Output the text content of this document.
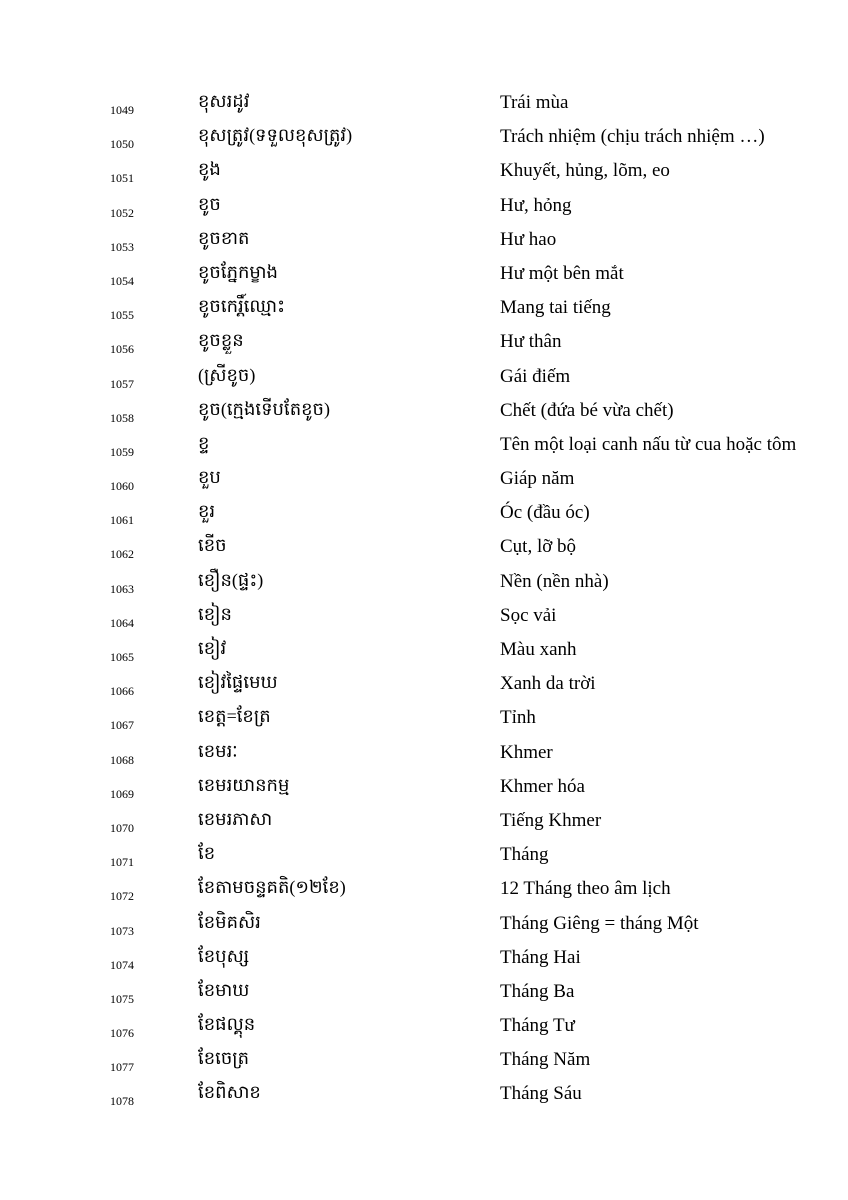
1049	ខុសរដូវ	Trái mùa
1050	ខុសត្រូវ(ទទួលខុសត្រូវ)	Trách nhiệm (chịu trách nhiệm …)
1051	ខូង	Khuyết, hủng, lõm, eo
1052	ខូច	Hư, hỏng
1053	ខូចខាត	Hư hao
1054	ខូចភ្នែកម្ខាង	Hư một bên mắt
1055	ខូចកេរ្តិ៍ឈ្មោះ	Mang tai tiếng
1056	ខូចខ្លួន	Hư thân
1057	(ស្រីខូច)	Gái điếm
1058	ខូច(ក្មេងទើបតែខូច)	Chết (đứa bé vừa chết)
1059	ខ្ទ	Tên một loại canh nấu từ cua hoặc tôm
1060	ខួប	Giáp năm
1061	ខួរ	Óc (đầu óc)
1062	ខើច	Cụt, lỡ bộ
1063	ខឿន(ផ្ទះ)	Nền (nền nhà)
1064	ខៀន	Sọc vải
1065	ខៀវ	Màu xanh
1066	ខៀវផ្ទៃមេឃ	Xanh da trời
1067	ខេត្ត=ខែត្រ	Tỉnh
1068	ខេមរៈ	Khmer
1069	ខេមរយានកម្ម	Khmer hóa
1070	ខេមរភាសា	Tiếng Khmer
1071	ខែ	Tháng
1072	ខែតាមចន្ទគតិ(១២ខែ)	12 Tháng theo âm lịch
1073	ខែមិគសិរ	Tháng Giêng = tháng Một
1074	ខែបុស្ស	Tháng Hai
1075	ខែមាឃ	Tháng Ba
1076	ខែផល្គុន	Tháng Tư
1077	ខែចេត្រ	Tháng Năm
1078	ខែពិសាខ	Tháng Sáu
